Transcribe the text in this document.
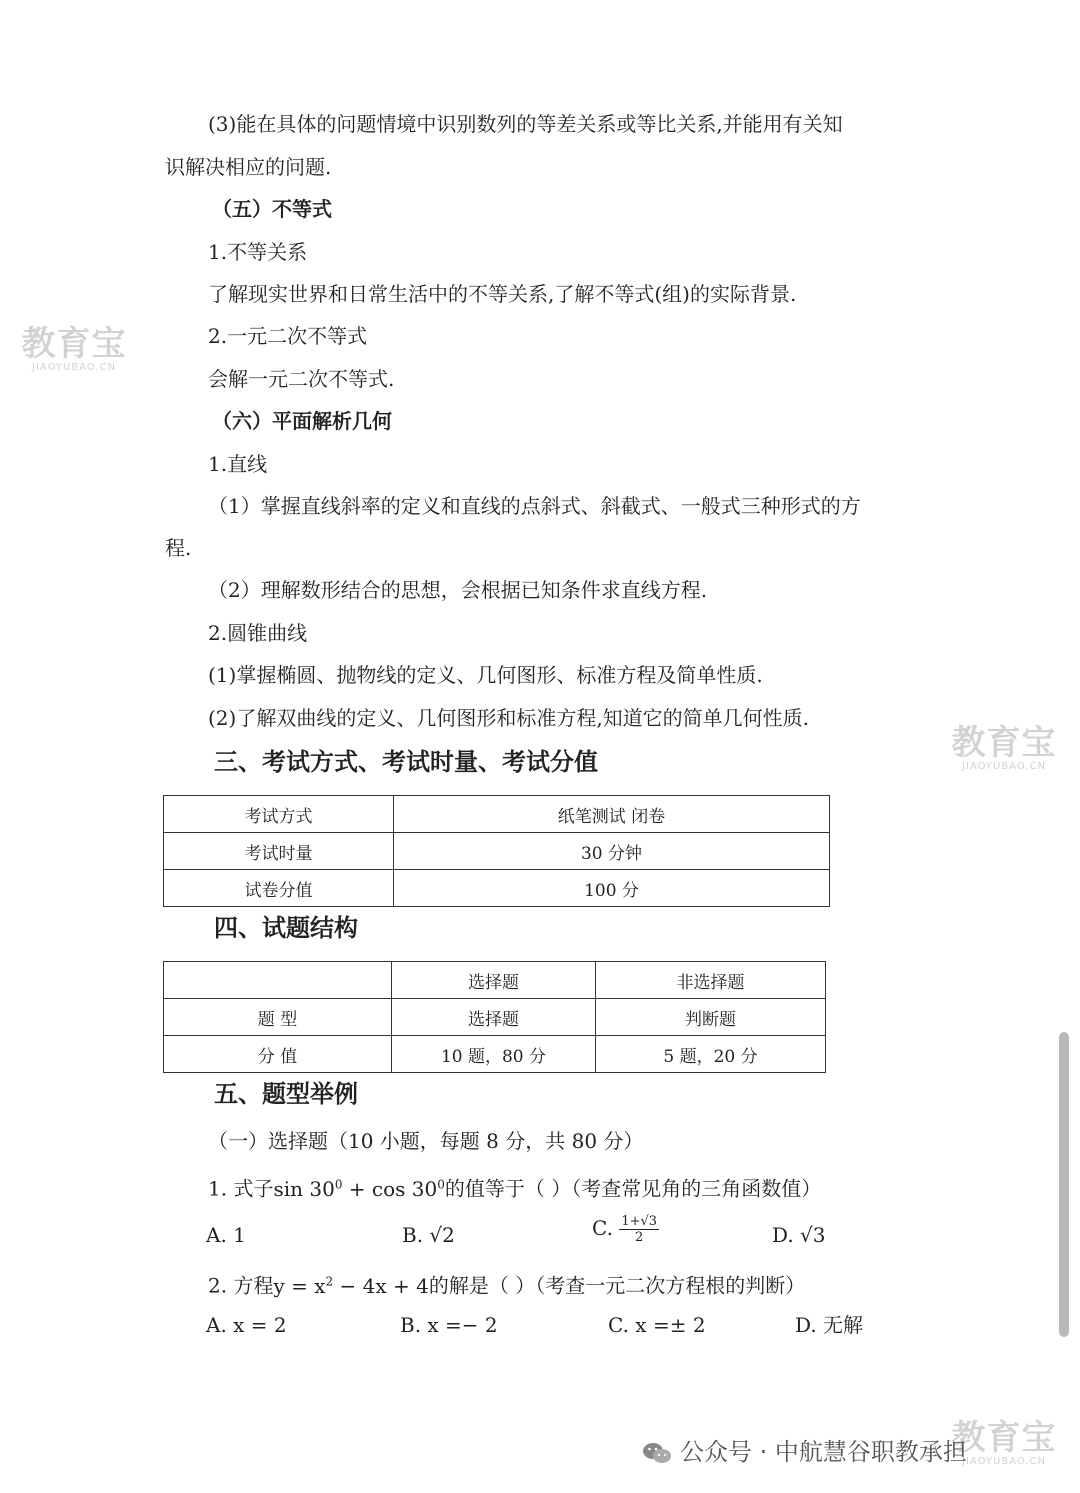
教育宝
JIAOYUBAO.CN
教育宝
JIAOYUBAO.CN
教育宝
JIAOYUBAO.CN
(3)能在具体的问题情境中识别数列的等差关系或等比关系,并能用有关知
识解决相应的问题.
（五）不等式
1.不等关系
了解现实世界和日常生活中的不等关系,了解不等式(组)的实际背景.
2.一元二次不等式
会解一元二次不等式.
（六）平面解析几何
1.直线
（1）掌握直线斜率的定义和直线的点斜式、斜截式、一般式三种形式的方
程.
（2）理解数形结合的思想，会根据已知条件求直线方程.
2.圆锥曲线
(1)掌握椭圆、抛物线的定义、几何图形、标准方程及简单性质.
(2)了解双曲线的定义、几何图形和标准方程,知道它的简单几何性质.
三、考试方式、考试时量、考试分值
考试方式	纸笔测试 闭卷
考试时量	30 分钟
试卷分值	100 分
四、试题结构
	选择题	非选择题
题 型	选择题	判断题
分 值	10 题，80 分	5 题，20 分
五、题型举例
（一）选择题（10 小题，每题 8 分，共 80 分）
1. 式子$\sin 30^0 + \cos 30^0$的值等于（ ）（考查常见角的三角函数值）
A. 1	B. √2	C. $\frac{1+√3}{2}$	D. √3
2. 方程$y = x^2 - 4x + 4$的解是（ ）（考查一元二次方程根的判断）
A. x = 2	B. x =− 2	C. x =± 2	D. 无解
公众号 · 中航慧谷职教承担
